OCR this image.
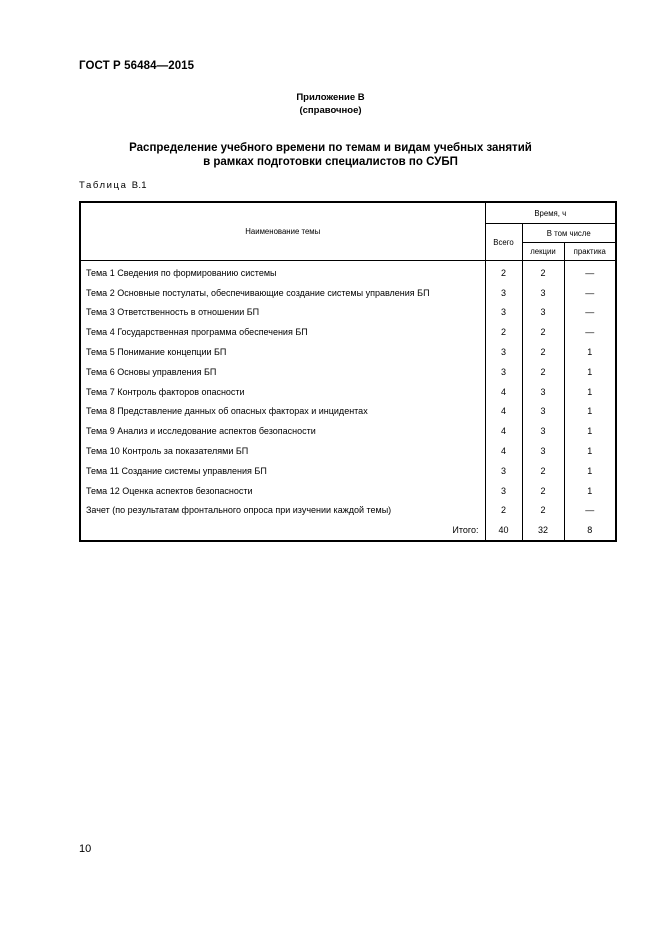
ГОСТ Р 56484—2015
Приложение В
(справочное)
Распределение учебного времени по темам и видам учебных занятий
в рамках подготовки специалистов по СУБП
Таблица В.1
Наименование темы	Время, ч		
	Всего	В том числе	
		лекции	практика
Тема 1 Сведения по формированию системы	2	2	—
Тема 2 Основные постулаты, обеспечивающие создание системы управления БП	3	3	—
Тема 3 Ответственность в отношении БП	3	3	—
Тема 4 Государственная программа обеспечения БП	2	2	—
Тема 5 Понимание концепции БП	3	2	1
Тема 6 Основы управления БП	3	2	1
Тема 7 Контроль факторов опасности	4	3	1
Тема 8 Представление данных об опасных факторах и инцидентах	4	3	1
Тема 9 Анализ и исследование аспектов безопасности	4	3	1
Тема 10 Контроль за показателями БП	4	3	1
Тема 11 Создание системы управления БП	3	2	1
Тема 12 Оценка аспектов безопасности	3	2	1
Зачет (по результатам фронтального опроса при изучении каждой темы)	2	2	—
Итого:	40	32	8
10
